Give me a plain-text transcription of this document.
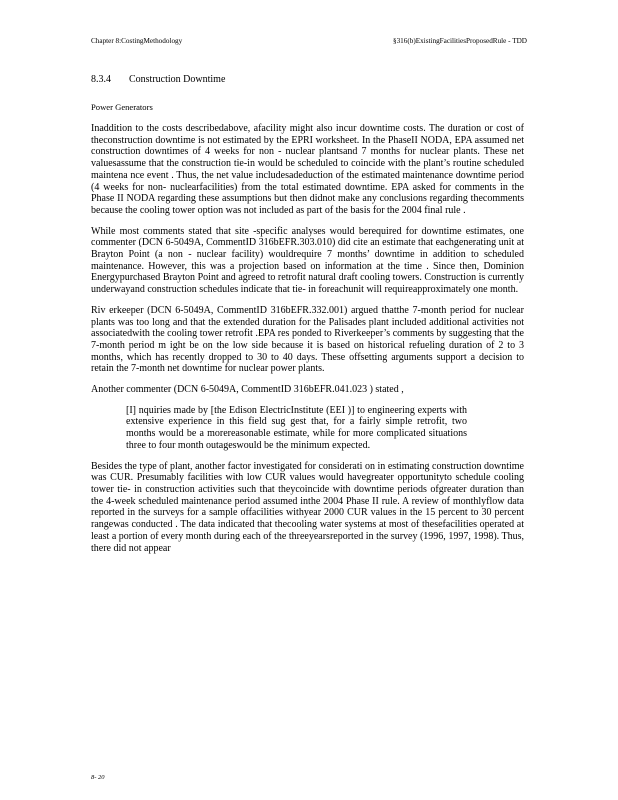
Chapter 8:CostingMethodology	§316(b)ExistingFacilitiesProposedRule - TDD
8.3.4 Construction Downtime
Power Generators

Inaddition to the costs describedabove, afacility might also incur downtime costs. The duration or cost of theconstruction downtime is not estimated by the EPRI worksheet. In the PhaseII NODA, EPA assumed net construction downtimes of 4 weeks for non - nuclear plantsand 7 months for nuclear plants. These net valuesassume that the construction tie-in would be scheduled to coincide with the plant’s routine scheduled maintena nce event . Thus, the net value includesadeduction of the estimated maintenance downtime period (4 weeks for non- nuclearfacilities) from the total estimated downtime. EPA asked for comments in the Phase II NODA regarding these assumptions but then didnot make any conclusions regarding thecomments because the cooling tower option was not included as part of the basis for the 2004 final rule .

While most comments stated that site -specific analyses would berequired for downtime estimates, one commenter (DCN 6-5049A, CommentID 316bEFR.303.010) did cite an estimate that eachgenerating unit at Brayton Point (a non - nuclear facility) wouldrequire 7 months’ downtime in addition to scheduled maintenance. However, this was a projection based on information at the time . Since then, Dominion Energypurchased Brayton Point and agreed to retrofit natural draft cooling towers. Construction is currently underwayand construction schedules indicate that tie- in foreachunit will requireapproximately one month.

Riv erkeeper (DCN 6-5049A, CommentID 316bEFR.332.001) argued thatthe 7-month period for nuclear plants was too long and that the extended duration for the Palisades plant included additional activities not associatedwith the cooling tower retrofit .EPA res ponded to Riverkeeper’s comments by suggesting that the 7-month period m ight be on the low side because it is based on historical refueling duration of 2 to 3 months, which has recently dropped to 30 to 40 days. These offsetting arguments support a decision to retain the 7-month net downtime for nuclear power plants.

Another commenter (DCN 6-5049A, CommentID 316bEFR.041.023 ) stated ,

[I] nquiries made by [the Edison ElectricInstitute (EEI )] to engineering experts with extensive experience in this field sug gest that, for a fairly simple retrofit, two months would be a morereasonable estimate, while for more complicated situations three to four month outageswould be the minimum expected.

Besides the type of plant, another factor investigated for considerati on in estimating construction downtime was CUR. Presumably facilities with low CUR values would havegreater opportunityto schedule cooling tower tie- in construction activities such that theycoincide with downtime periods ofgreater duration than the 4-week scheduled maintenance period assumed inthe 2004 Phase II rule. A review of monthlyflow data reported in the surveys for a sample offacilities withyear 2000 CUR values in the 15 percent to 30 percent rangewas conducted . The data indicated that thecooling water systems at most of thesefacilities operated at least a portion of every month during each of the threeyearsreported in the survey (1996, 1997, 1998). Thus, there did not appear

8- 20
